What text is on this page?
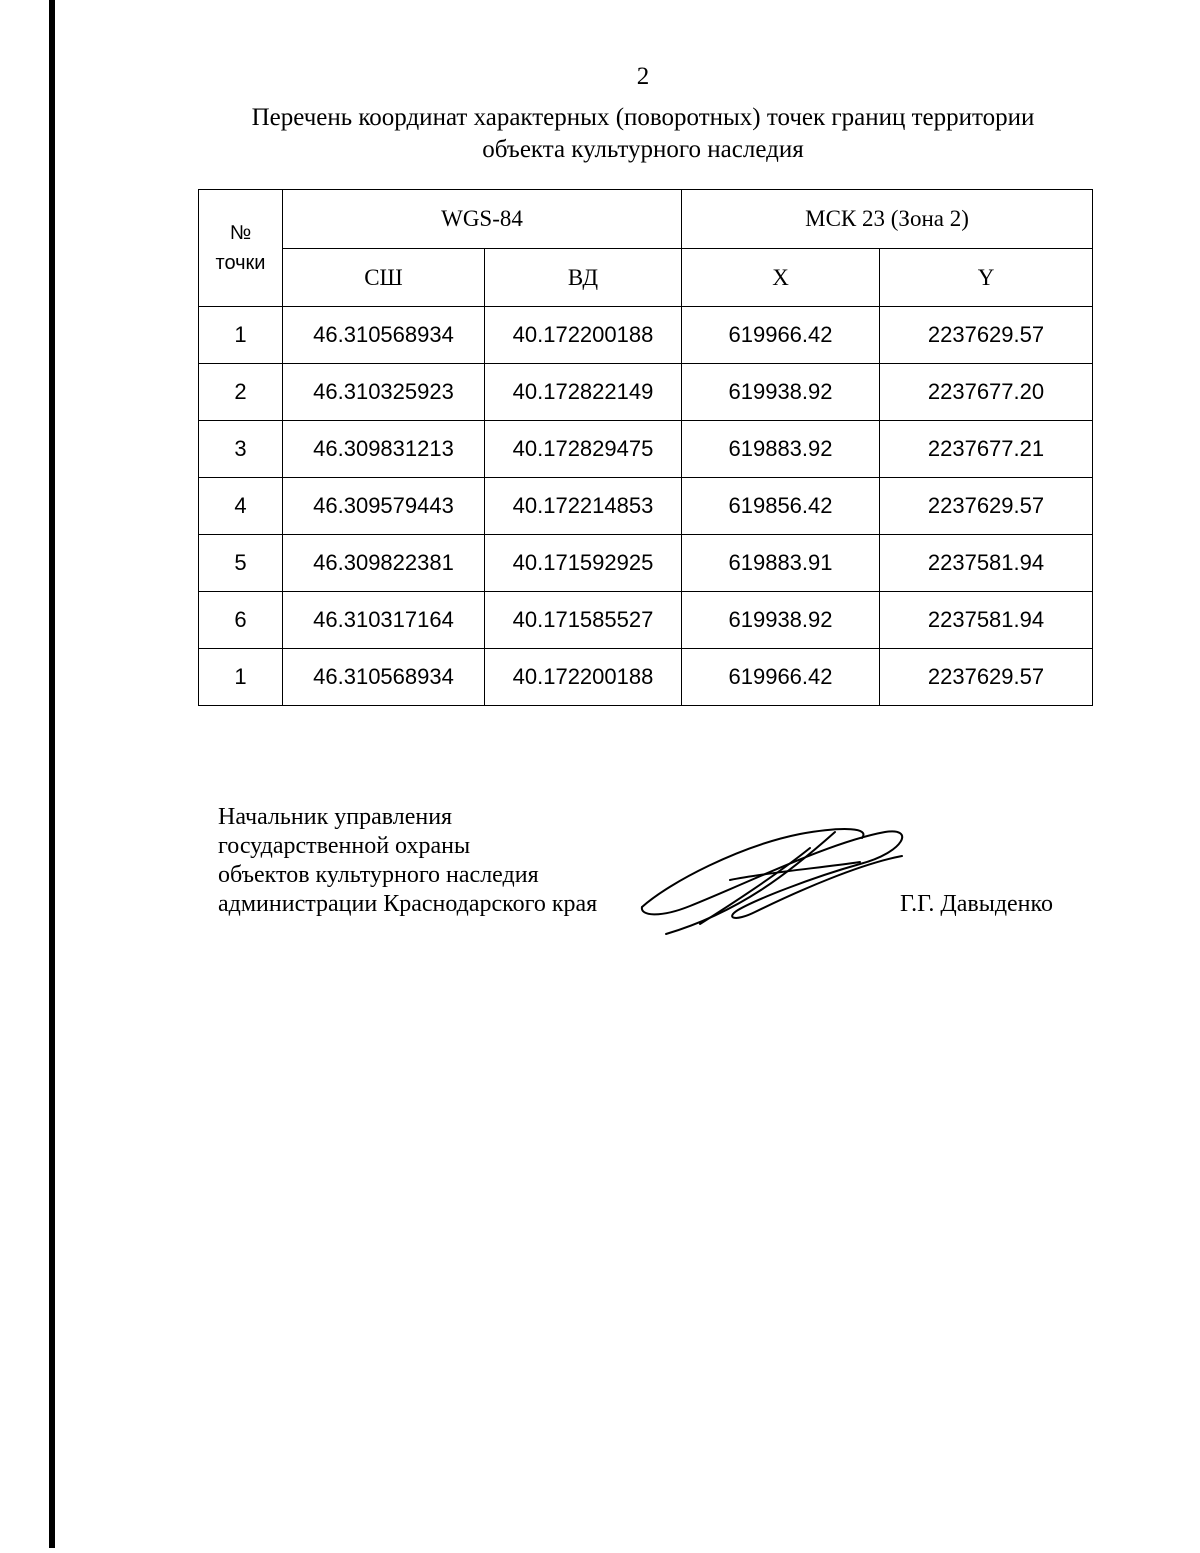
2
Перечень координат характерных (поворотных) точек границ территории
объекта культурного наследия
№
точки	WGS-84		МСК 23 (Зона 2)	
	СШ	ВД	X	Y
1	46.310568934	40.172200188	619966.42	2237629.57
2	46.310325923	40.172822149	619938.92	2237677.20
3	46.309831213	40.172829475	619883.92	2237677.21
4	46.309579443	40.172214853	619856.42	2237629.57
5	46.309822381	40.171592925	619883.91	2237581.94
6	46.310317164	40.171585527	619938.92	2237581.94
1	46.310568934	40.172200188	619966.42	2237629.57
Начальник управления
государственной охраны
объектов культурного наследия
администрации Краснодарского края	Г.Г. Давыденко
